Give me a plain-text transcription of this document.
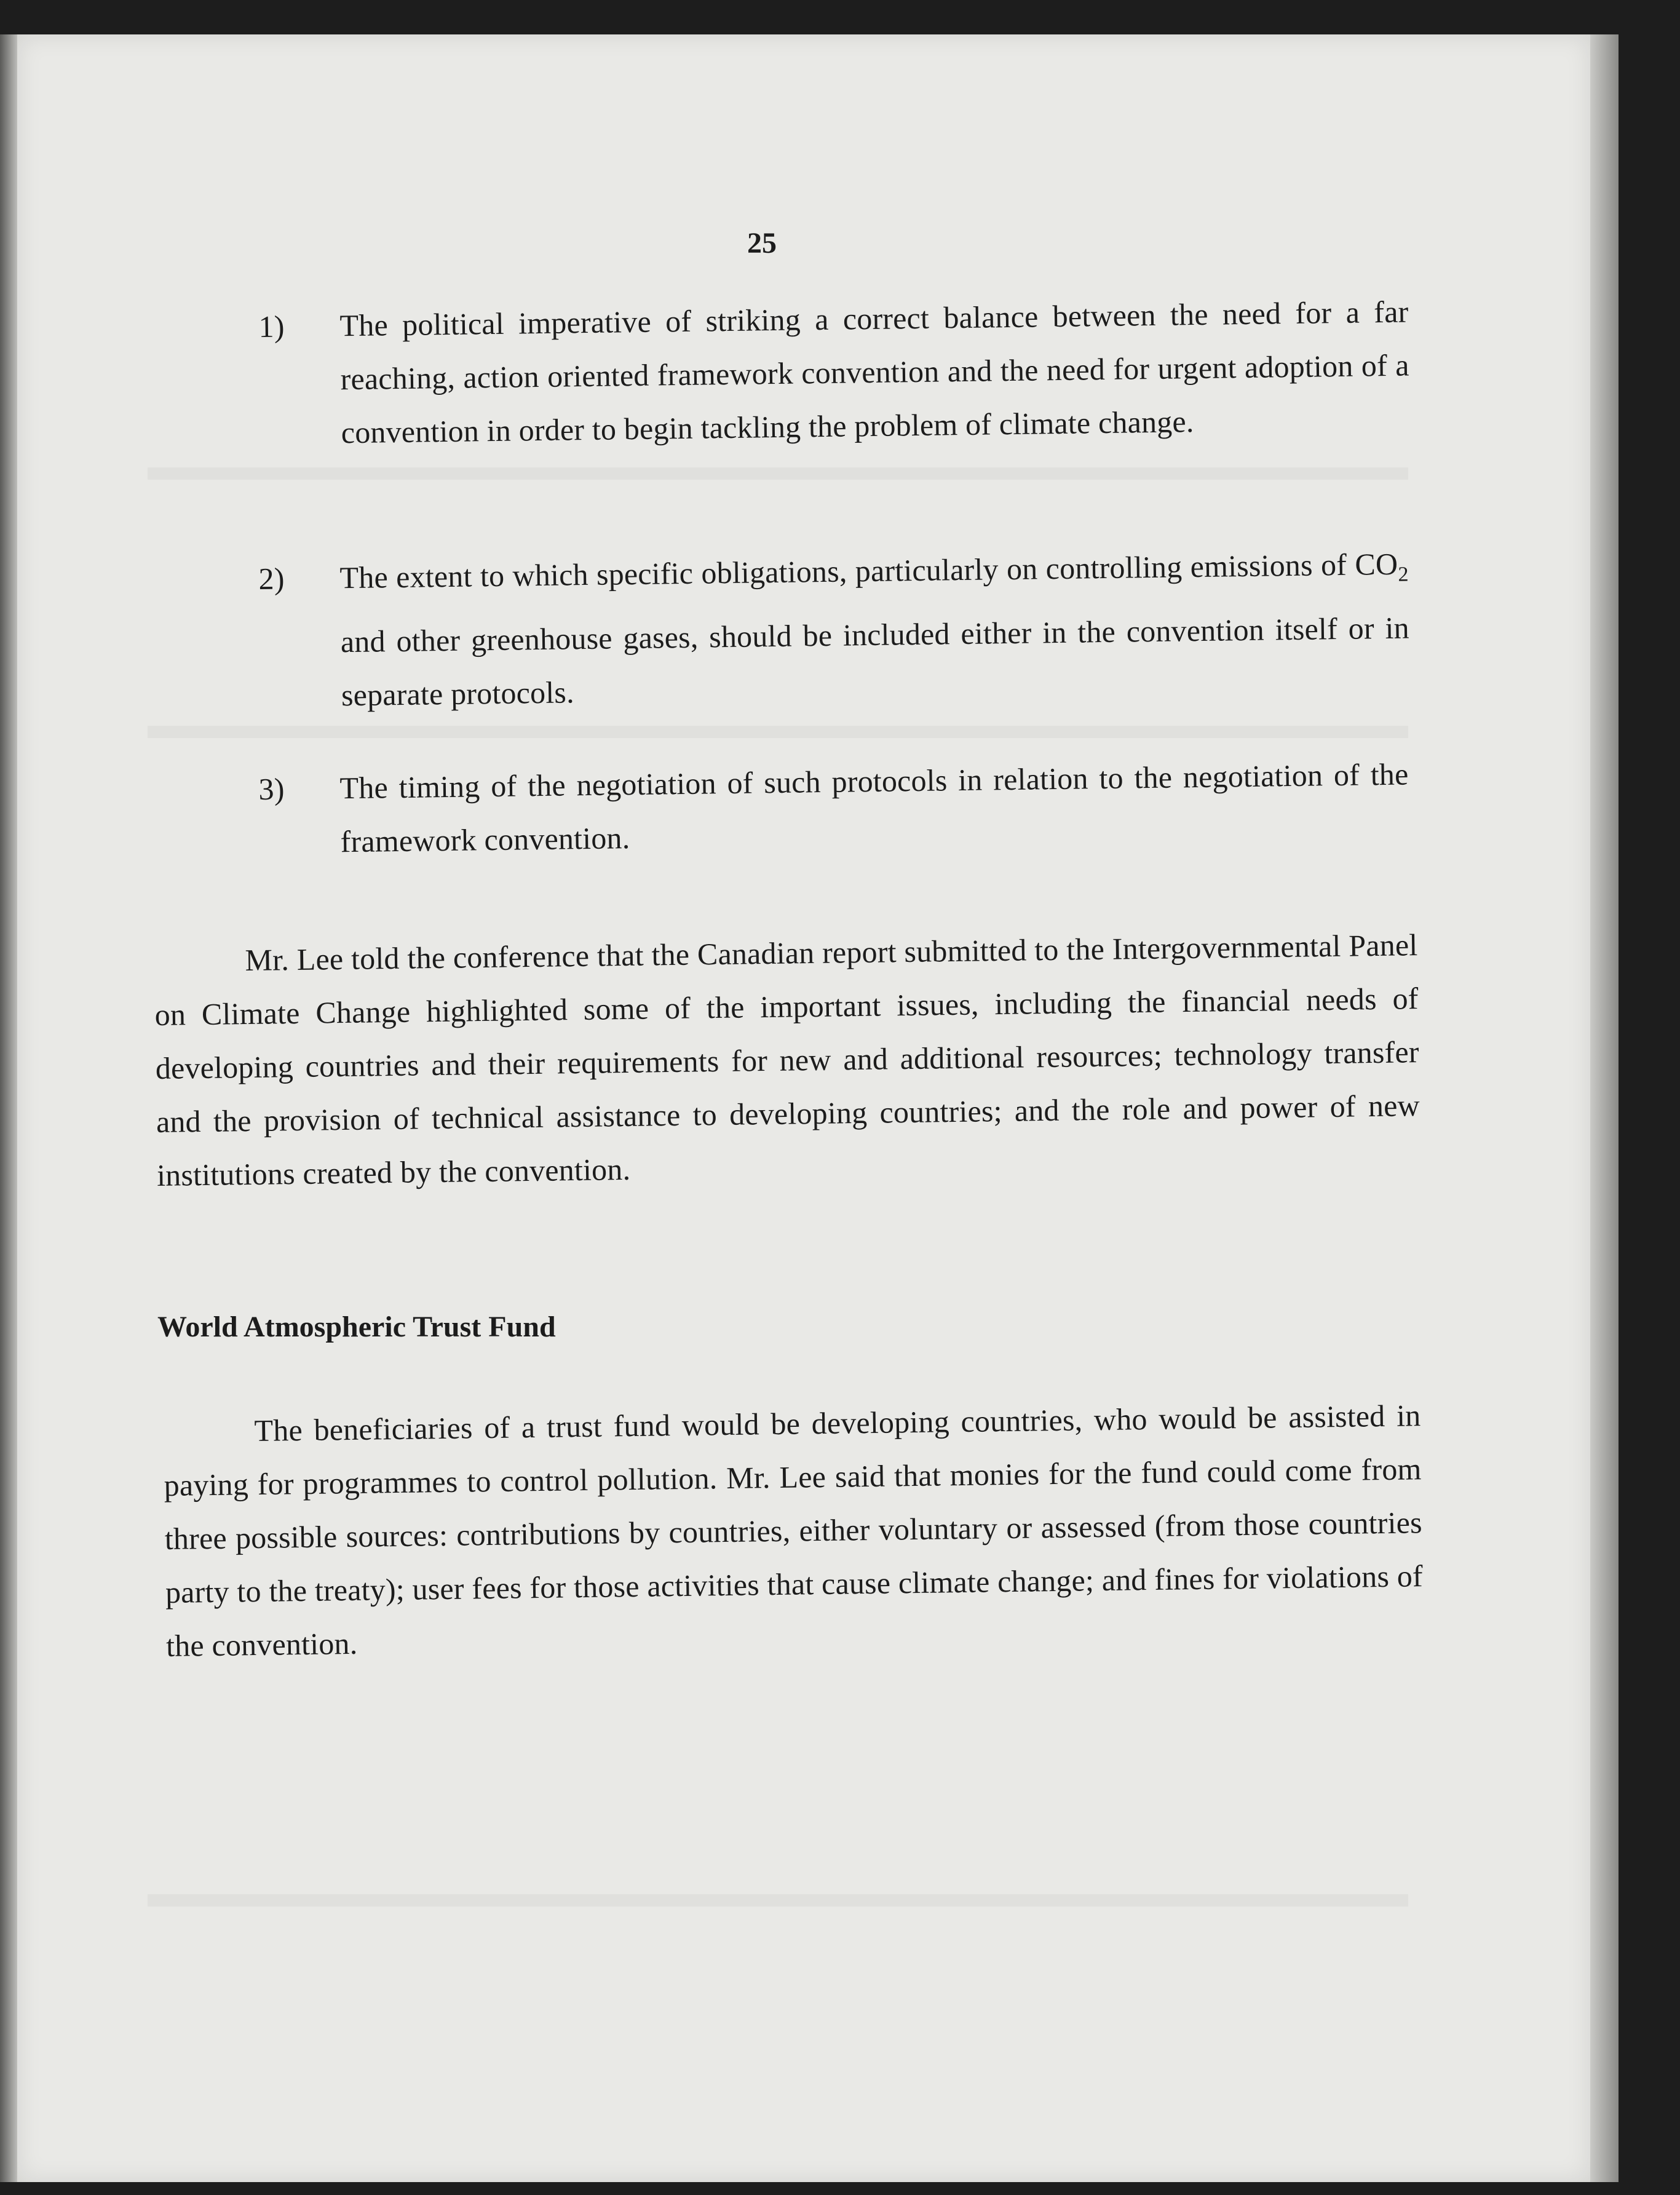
25
1) The political imperative of striking a correct balance between the need for a far reaching, action oriented framework convention and the need for urgent adoption of a convention in order to begin tackling the problem of climate change.
2) The extent to which specific obligations, particularly on controlling emissions of $CO_2$ and other greenhouse gases, should be included either in the convention itself or in separate protocols.
3) The timing of the negotiation of such protocols in relation to the negotiation of the framework convention.
Mr. Lee told the conference that the Canadian report submitted to the Intergovernmental Panel on Climate Change highlighted some of the important issues, including the financial needs of developing countries and their requirements for new and additional resources; technology transfer and the provision of technical assistance to developing countries; and the role and power of new institutions created by the convention.
World Atmospheric Trust Fund
The beneficiaries of a trust fund would be developing countries, who would be assisted in paying for programmes to control pollution. Mr. Lee said that monies for the fund could come from three possible sources: contributions by countries, either voluntary or assessed (from those countries party to the treaty); user fees for those activities that cause climate change; and fines for violations of the convention.
